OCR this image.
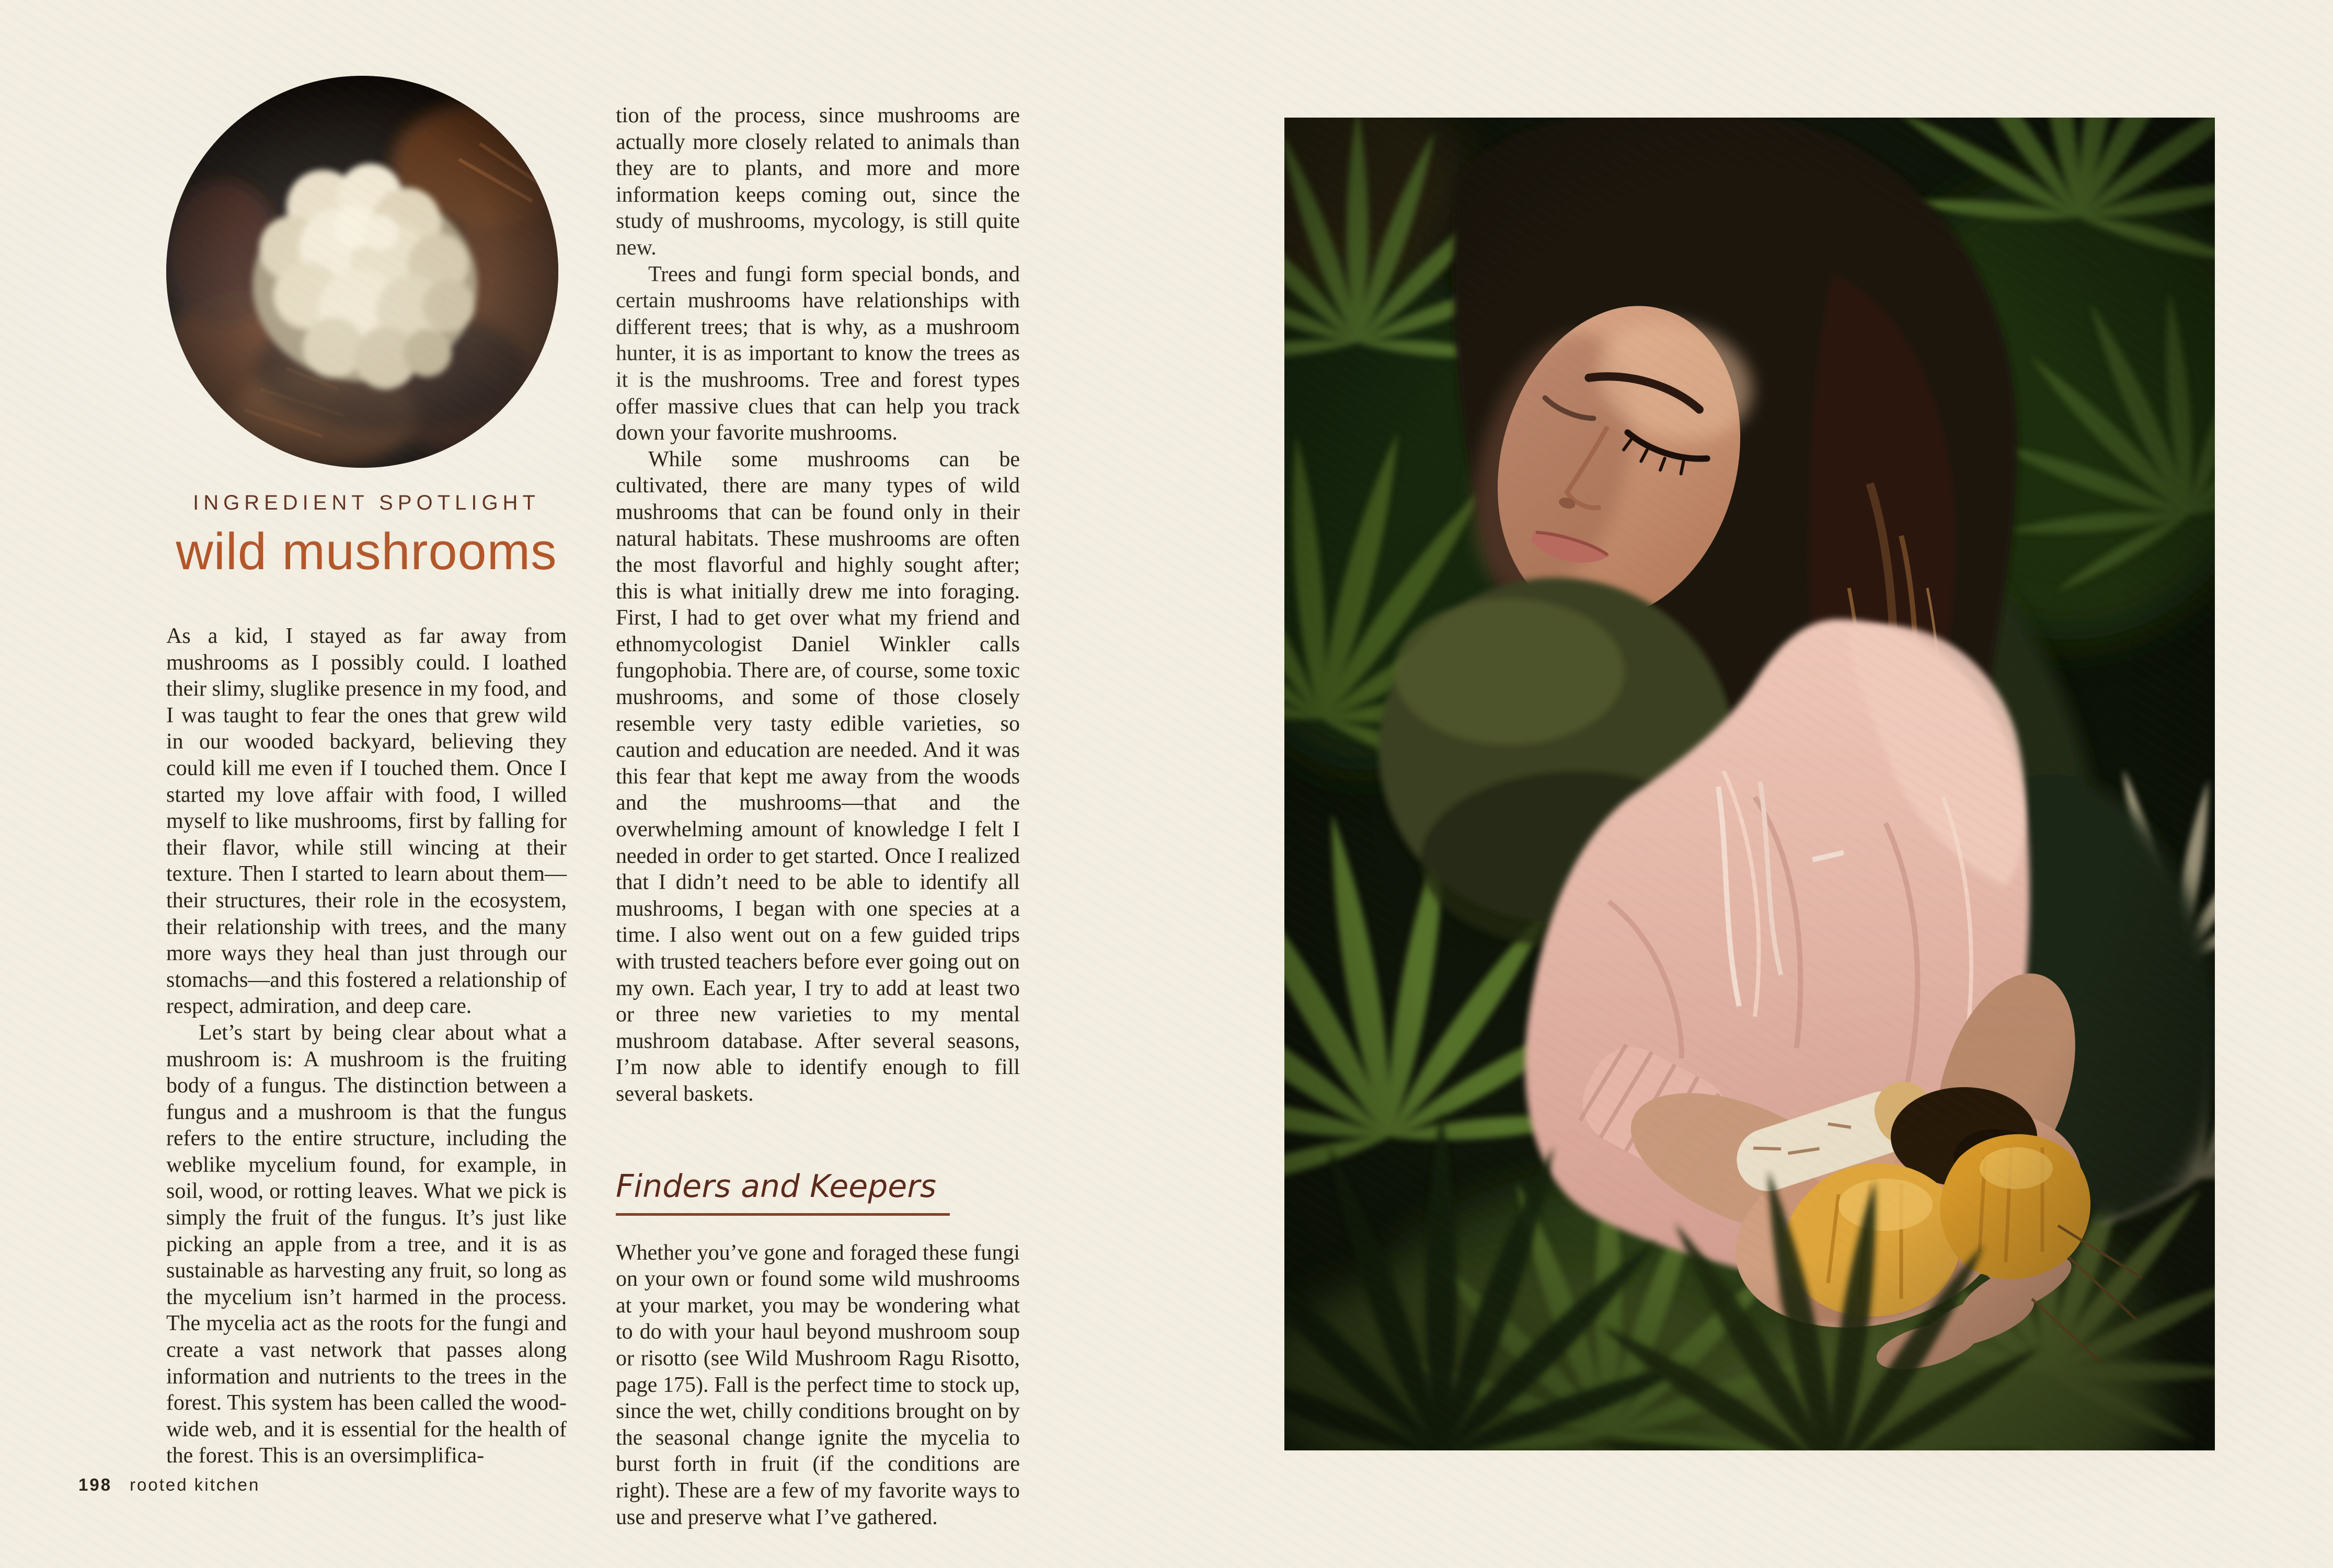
INGREDIENT SPOTLIGHT
wild mushrooms

As a kid, I stayed as far away from mushrooms as I possibly could. I loathed their slimy, sluglike presence in my food, and I was taught to fear the ones that grew wild in our wooded backyard, believing they could kill me even if I touched them. Once I started my love affair with food, I willed myself to like mushrooms, first by falling for their flavor, while still wincing at their texture. Then I started to learn about them—their structures, their role in the ecosystem, their relationship with trees, and the many more ways they heal than just through our stomachs—and this fostered a relationship of respect, admiration, and deep care.

Let’s start by being clear about what a mushroom is: A mushroom is the fruiting body of a fungus. The distinction between a fungus and a mushroom is that the fungus refers to the entire structure, including the weblike mycelium found, for example, in soil, wood, or rotting leaves. What we pick is simply the fruit of the fungus. It’s just like picking an apple from a tree, and it is as sustainable as harvesting any fruit, so long as the mycelium isn’t harmed in the process. The mycelia act as the roots for the fungi and create a vast network that passes along information and nutrients to the trees in the forest. This system has been called the wood-wide web, and it is essential for the health of the forest. This is an oversimplifica-

tion of the process, since mushrooms are actually more closely related to animals than they are to plants, and more and more information keeps coming out, since the study of mushrooms, mycology, is still quite new.

Trees and fungi form special bonds, and certain mushrooms have relationships with different trees; that is why, as a mushroom hunter, it is as important to know the trees as it is the mushrooms. Tree and forest types offer massive clues that can help you track down your favorite mushrooms.

While some mushrooms can be cultivated, there are many types of wild mushrooms that can be found only in their natural habitats. These mushrooms are often the most flavorful and highly sought after; this is what initially drew me into foraging. First, I had to get over what my friend and ethnomycologist Daniel Winkler calls fungophobia. There are, of course, some toxic mushrooms, and some of those closely resemble very tasty edible varieties, so caution and education are needed. And it was this fear that kept me away from the woods and the mushrooms—that and the overwhelming amount of knowledge I felt I needed in order to get started. Once I realized that I didn’t need to be able to identify all mushrooms, I began with one species at a time. I also went out on a few guided trips with trusted teachers before ever going out on my own. Each year, I try to add at least two or three new varieties to my mental mushroom database. After several seasons, I’m now able to identify enough to fill several baskets.

Finders and Keepers

Whether you’ve gone and foraged these fungi on your own or found some wild mushrooms at your market, you may be wondering what to do with your haul beyond mushroom soup or risotto (see Wild Mushroom Ragu Risotto, page 175). Fall is the perfect time to stock up, since the wet, chilly conditions brought on by the seasonal change ignite the mycelia to burst forth in fruit (if the conditions are right). These are a few of my favorite ways to use and preserve what I’ve gathered.

198 rooted kitchen
